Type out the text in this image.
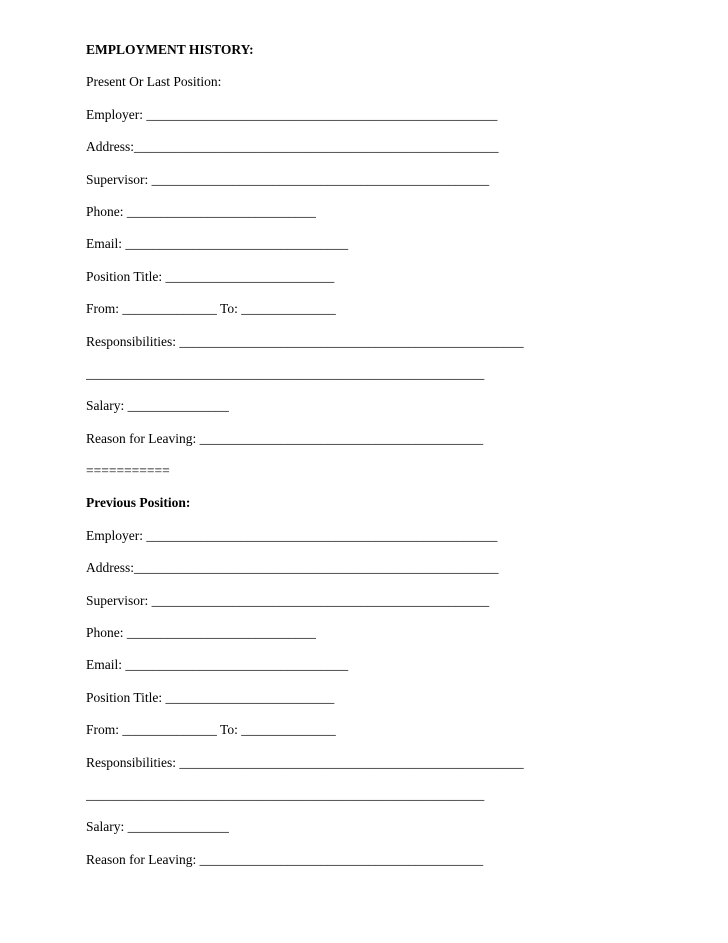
EMPLOYMENT HISTORY:
Present Or Last Position:
Employer: ____________________________________________________
Address:______________________________________________________
Supervisor: __________________________________________________
Phone: ____________________________
Email: _________________________________
Position Title: _________________________
From: ______________ To: ______________
Responsibilities: ___________________________________________________
___________________________________________________________
Salary: _______________
Reason for Leaving: __________________________________________
===========
Previous Position:
Employer: ____________________________________________________
Address:______________________________________________________
Supervisor: __________________________________________________
Phone: ____________________________
Email: _________________________________
Position Title: _________________________
From: ______________ To: ______________
Responsibilities: ___________________________________________________
___________________________________________________________
Salary: _______________
Reason for Leaving: __________________________________________
